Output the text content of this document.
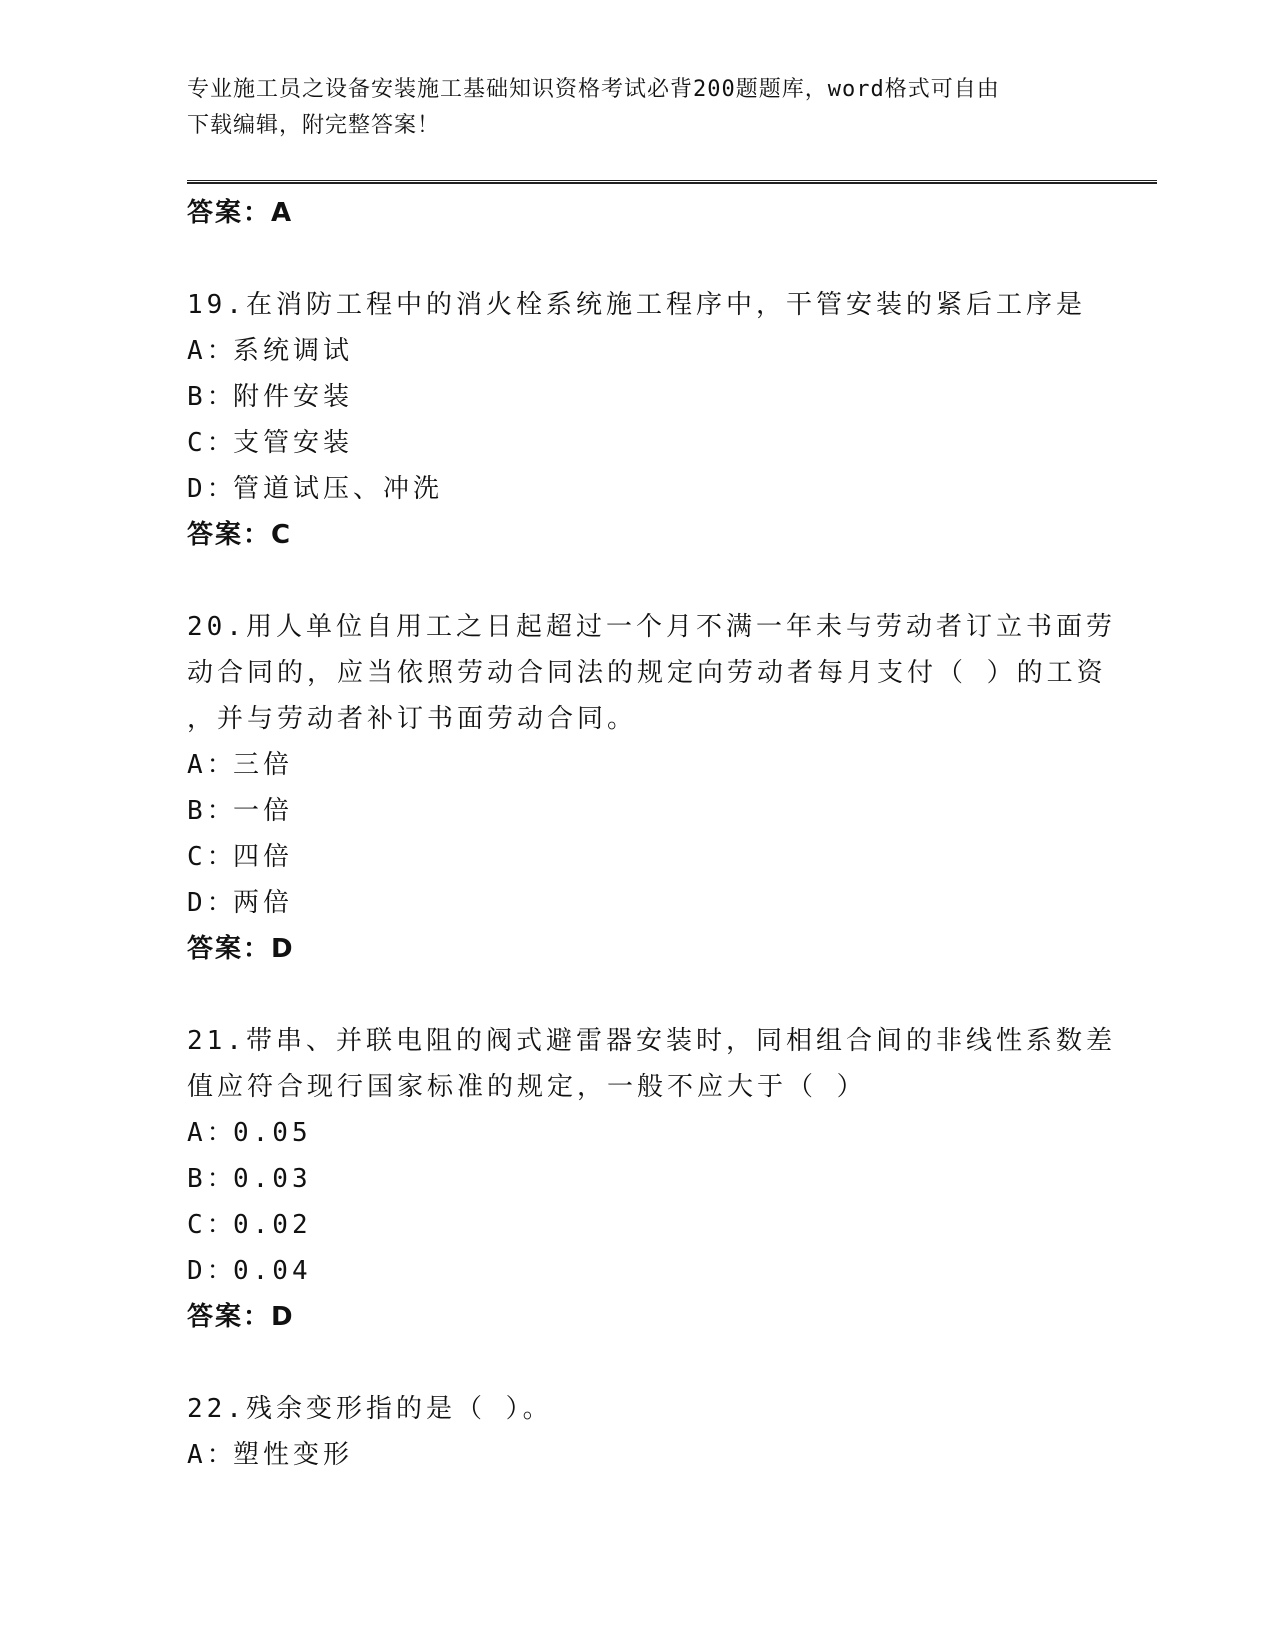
专业施工员之设备安装施工基础知识资格考试必背200题题库，word格式可自由
下载编辑，附完整答案！
答案：A
19.在消防工程中的消火栓系统施工程序中，干管安装的紧后工序是
A：系统调试
B：附件安装
C：支管安装
D：管道试压、冲洗
答案：C
20.用人单位自用工之日起超过一个月不满一年未与劳动者订立书面劳
动合同的，应当依照劳动合同法的规定向劳动者每月支付（ ）的工资
，并与劳动者补订书面劳动合同。
A：三倍
B：一倍
C：四倍
D：两倍
答案：D
21.带串、并联电阻的阀式避雷器安装时，同相组合间的非线性系数差
值应符合现行国家标准的规定，一般不应大于（ ）
A：0.05
B：0.03
C：0.02
D：0.04
答案：D
22.残余变形指的是（ ）。
A：塑性变形
